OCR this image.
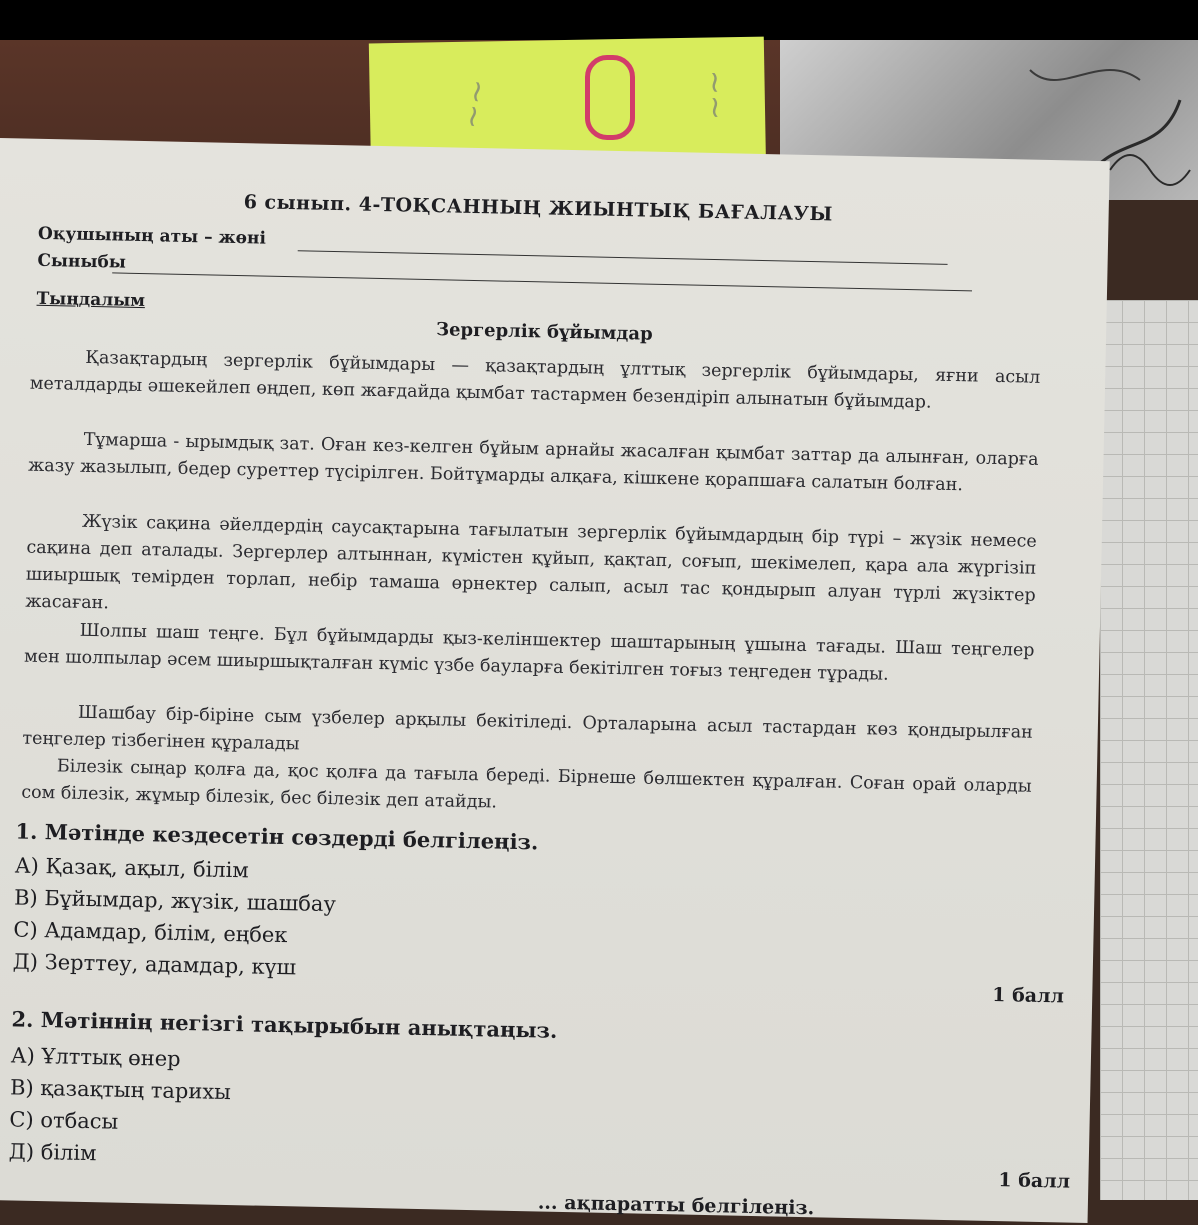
~~	~~
6 сынып. 4-ТОҚСАННЫҢ ЖИЫНТЫҚ БАҒАЛАУЫ
Оқушының аты – жөні
Сыныбы
Тыңдалым
Зергерлік бұйымдар
Қазақтардың зергерлік бұйымдары — қазақтардың ұлттық зергерлік бұйымдары, яғни асыл металдарды әшекейлеп өңдеп, көп жағдайда қымбат тастармен безендіріп алынатын бұйымдар.
Тұмарша - ырымдық зат. Оған кез-келген бұйым арнайы жасалған қымбат заттар да алынған, оларға жазу жазылып, бедер суреттер түсірілген. Бойтұмарды алқаға, кішкене қорапшаға салатын болған.
Жүзік сақина әйелдердің саусақтарына тағылатын зергерлік бұйымдардың бір түрі – жүзік немесе сақина деп аталады. Зергерлер алтыннан, күмістен құйып, қақтап, соғып, шекімелеп, қара ала жүргізіп шиыршық темірден торлап, небір тамаша өрнектер салып, асыл тас қондырып алуан түрлі жүзіктер жасаған.
Шолпы шаш теңге. Бұл бұйымдарды қыз-келіншектер шаштарының ұшына тағады. Шаш теңгелер мен шолпылар әсем шиыршықталған күміс үзбе бауларға бекітілген тоғыз теңгеден тұрады.
Шашбау бір-біріне сым үзбелер арқылы бекітіледі. Орталарына асыл тастардан көз қондырылған теңгелер тізбегінен құралады
Білезік сыңар қолға да, қос қолға да тағыла береді. Бірнеше бөлшектен құралған. Соған орай оларды сом білезік, жұмыр білезік, бес білезік деп атайды.
1. Мәтінде кездесетін сөздерді белгілеңіз.
А) Қазақ, ақыл, білім
В) Бұйымдар, жүзік, шашбау
С) Адамдар, білім, еңбек
Д) Зерттеу, адамдар, күш
1 балл
2. Мәтіннің негізгі тақырыбын анықтаңыз.
А) Ұлттық өнер
В) қазақтың тарихы
С) отбасы
Д) білім
1 балл
... ақпаратты белгілеңіз.
